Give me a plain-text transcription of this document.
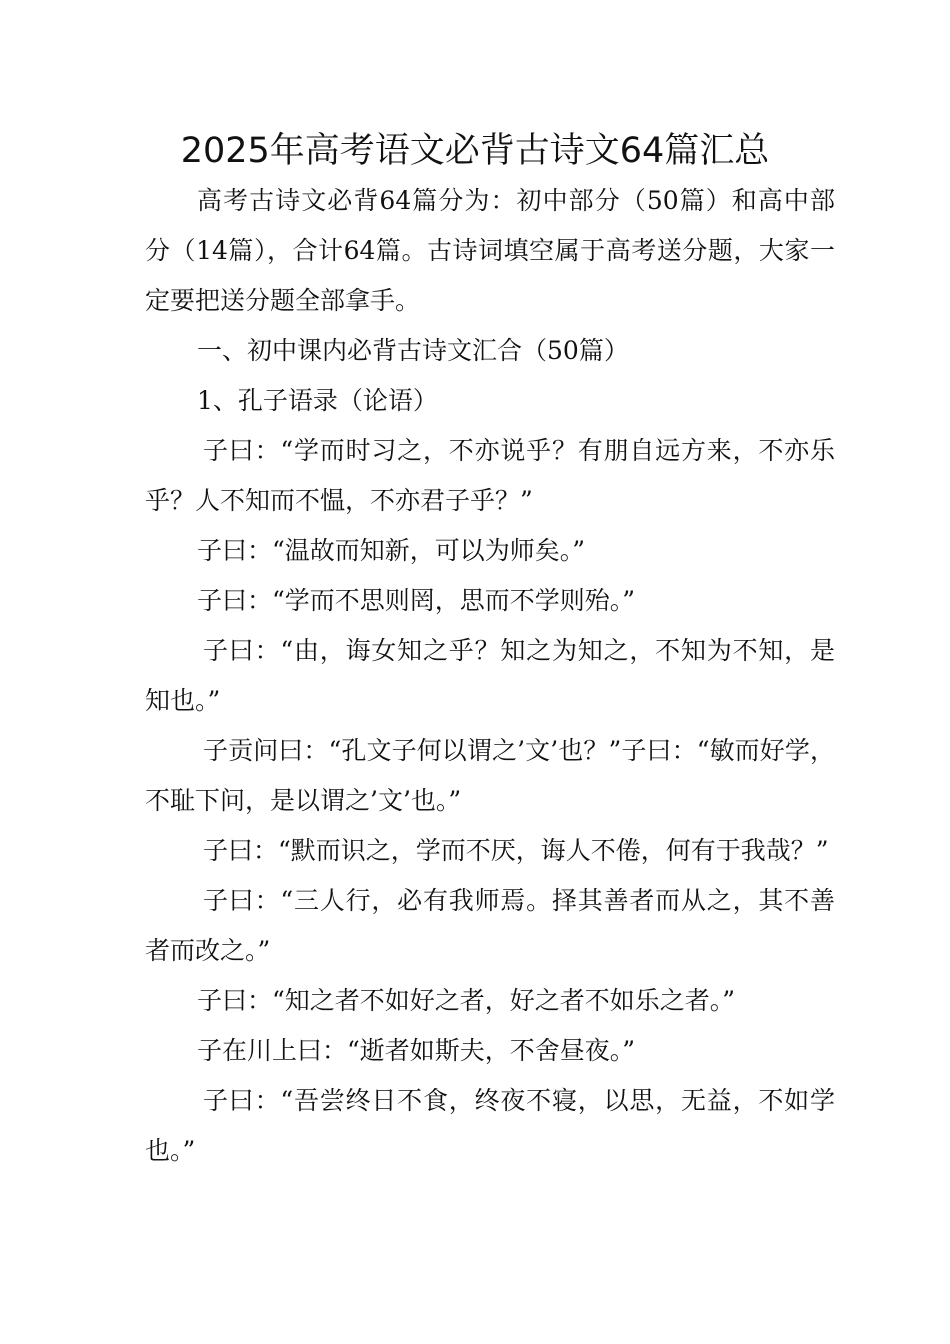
2025年高考语文必背古诗文64篇汇总

高考古诗文必背64篇分为：初中部分（50篇）和高中部分（14篇），合计64篇。古诗词填空属于高考送分题，大家一定要把送分题全部拿手。

一、初中课内必背古诗文汇合（50篇）

1、孔子语录（论语）

子曰：“学而时习之，不亦说乎？有朋自远方来，不亦乐乎？人不知而不愠，不亦君子乎？”

子曰：“温故而知新，可以为师矣。”

子曰：“学而不思则罔，思而不学则殆。”

子曰：“由，诲女知之乎？知之为知之，不知为不知，是知也。”

子贡问曰：“孔文子何以谓之’文’也？”子曰：“敏而好学，不耻下问，是以谓之’文’也。”

子曰：“默而识之，学而不厌，诲人不倦，何有于我哉？”

子曰：“三人行，必有我师焉。择其善者而从之，其不善者而改之。”

子曰：“知之者不如好之者，好之者不如乐之者。”

子在川上曰：“逝者如斯夫，不舍昼夜。”

子曰：“吾尝终日不食，终夜不寝，以思，无益，不如学也。”
